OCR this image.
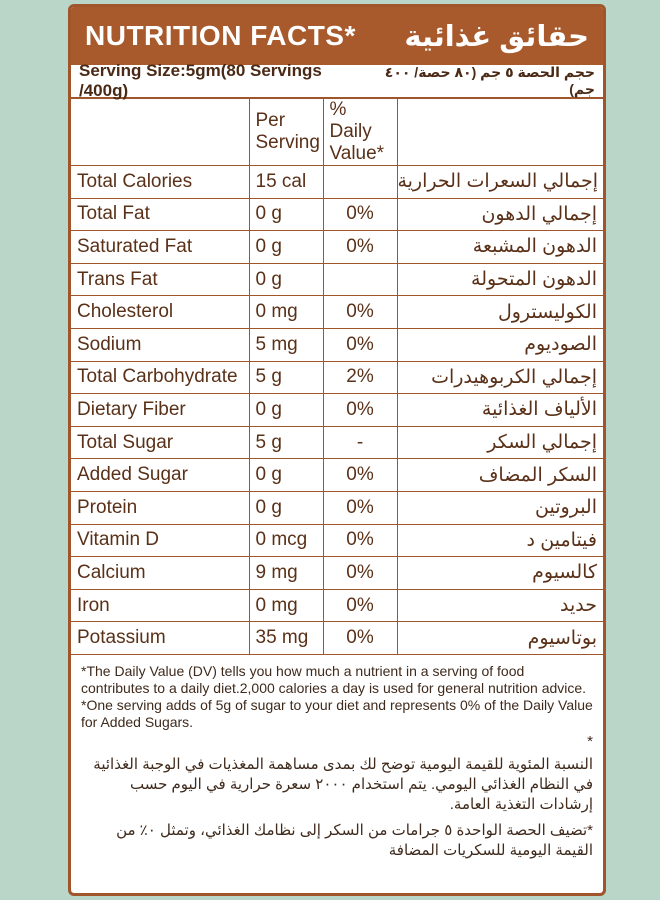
NUTRITION FACTS* حقائق غذائية
Serving Size:5gm(80 Servings /400g)
حجم الحصة ٥ جم (٨٠ حصة/ ٤٠٠ جم)
	Per Serving	% Daily Value*	
Total Calories	15 cal		إجمالي السعرات الحرارية
Total Fat	0 g	0%	إجمالي الدهون
Saturated Fat	0 g	0%	الدهون المشبعة
Trans Fat	0 g		الدهون المتحولة
Cholesterol	0 mg	0%	الكوليسترول
Sodium	5 mg	0%	الصوديوم
Total Carbohydrate	5 g	2%	إجمالي الكربوهيدرات
Dietary Fiber	0 g	0%	الألياف الغذائية
Total Sugar	5 g	-	إجمالي السكر
Added Sugar	0 g	0%	السكر المضاف
Protein	0 g	0%	البروتين
Vitamin D	0 mcg	0%	فيتامين د
Calcium	9 mg	0%	كالسيوم
Iron	0 mg	0%	حديد
Potassium	35 mg	0%	بوتاسيوم

*The Daily Value (DV) tells you how much a nutrient in a serving of food contributes to a daily diet.2,000 calories a day is used for general nutrition advice.

*One serving adds of 5g of sugar to your diet and represents 0% of the Daily Value for Added Sugars.

*

النسبة المئوية للقيمة اليومية توضح لك بمدى مساهمة المغذيات في الوجبة الغذائية في النظام الغذائي اليومي. يتم استخدام ٢٠٠٠ سعرة حرارية في اليوم حسب إرشادات التغذية العامة.

*تضيف الحصة الواحدة ٥ جرامات من السكر إلى نظامك الغذائي، وتمثل ٠٪ من القيمة اليومية للسكريات المضافة
